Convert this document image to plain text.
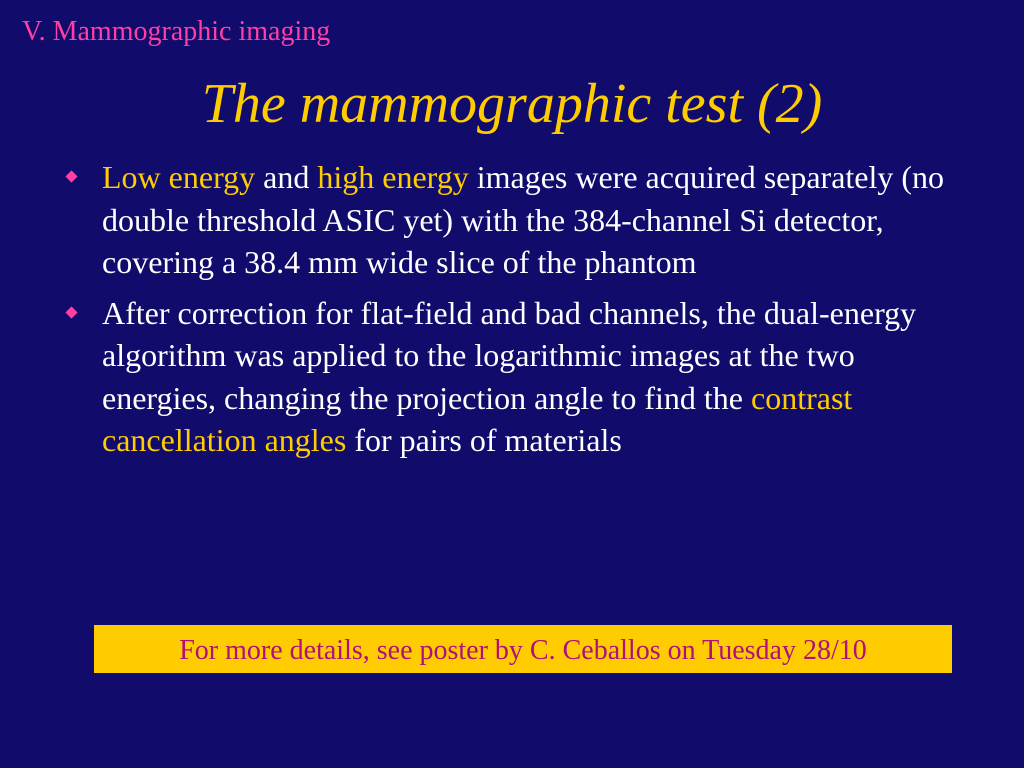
V. Mammographic imaging
The mammographic test (2)
Low energy and high energy images were acquired separately (no double threshold ASIC yet) with the 384-channel Si detector, covering a 38.4 mm wide slice of the phantom
After correction for flat-field and bad channels, the dual-energy algorithm was applied to the logarithmic images at the two energies, changing the projection angle to find the contrast cancellation angles for pairs of materials
For more details, see poster by C. Ceballos on Tuesday 28/10
